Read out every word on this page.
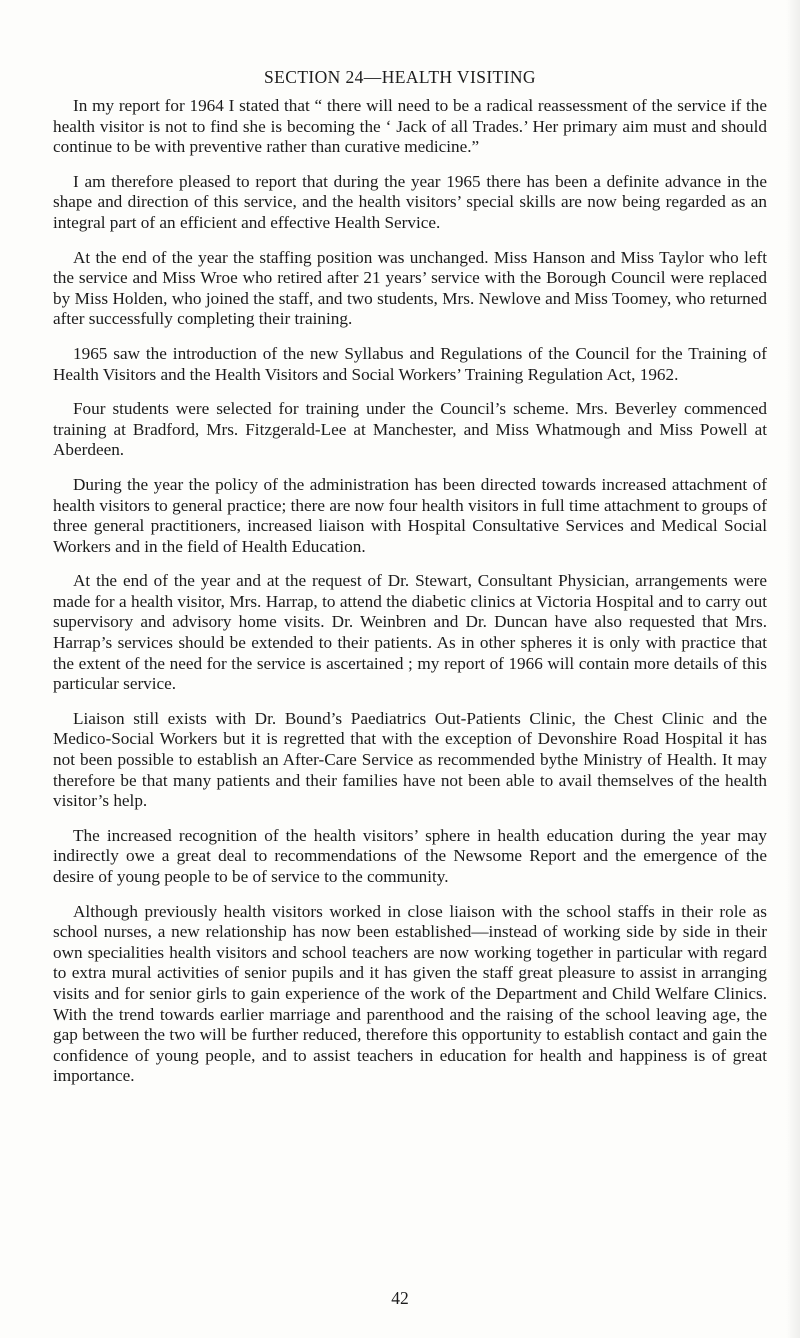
SECTION 24—HEALTH VISITING

In my report for 1964 I stated that “ there will need to be a radical reassessment of the service if the health visitor is not to find she is becoming the ‘ Jack of all Trades.’ Her primary aim must and should continue to be with preventive rather than curative medicine.”

I am therefore pleased to report that during the year 1965 there has been a definite advance in the shape and direction of this service, and the health visitors’ special skills are now being regarded as an integral part of an efficient and effective Health Service.

At the end of the year the staffing position was unchanged. Miss Hanson and Miss Taylor who left the service and Miss Wroe who retired after 21 years’ service with the Borough Council were replaced by Miss Holden, who joined the staff, and two students, Mrs. Newlove and Miss Toomey, who returned after successfully completing their training.

1965 saw the introduction of the new Syllabus and Regulations of the Council for the Training of Health Visitors and the Health Visitors and Social Workers’ Training Regulation Act, 1962.

Four students were selected for training under the Council’s scheme. Mrs. Beverley commenced training at Bradford, Mrs. Fitzgerald-Lee at Manchester, and Miss Whatmough and Miss Powell at Aberdeen.

During the year the policy of the administration has been directed towards increased attachment of health visitors to general practice; there are now four health visitors in full time attachment to groups of three general practitioners, increased liaison with Hospital Consultative Services and Medical Social Workers and in the field of Health Education.

At the end of the year and at the request of Dr. Stewart, Consultant Physician, arrangements were made for a health visitor, Mrs. Harrap, to attend the diabetic clinics at Victoria Hospital and to carry out supervisory and advisory home visits. Dr. Weinbren and Dr. Duncan have also requested that Mrs. Harrap’s services should be extended to their patients. As in other spheres it is only with practice that the extent of the need for the service is ascertained ; my report of 1966 will contain more details of this particular service.

Liaison still exists with Dr. Bound’s Paediatrics Out-Patients Clinic, the Chest Clinic and the Medico-Social Workers but it is regretted that with the exception of Devonshire Road Hospital it has not been possible to establish an After-Care Service as recommended bythe Ministry of Health. It may therefore be that many patients and their families have not been able to avail themselves of the health visitor’s help.

The increased recognition of the health visitors’ sphere in health education during the year may indirectly owe a great deal to recommendations of the Newsome Report and the emergence of the desire of young people to be of service to the community.

Although previously health visitors worked in close liaison with the school staffs in their role as school nurses, a new relationship has now been established—instead of working side by side in their own specialities health visitors and school teachers are now working together in particular with regard to extra mural activities of senior pupils and it has given the staff great pleasure to assist in arranging visits and for senior girls to gain experience of the work of the Department and Child Welfare Clinics. With the trend towards earlier marriage and parenthood and the raising of the school leaving age, the gap between the two will be further reduced, therefore this opportunity to establish contact and gain the confidence of young people, and to assist teachers in education for health and happiness is of great importance.

42
